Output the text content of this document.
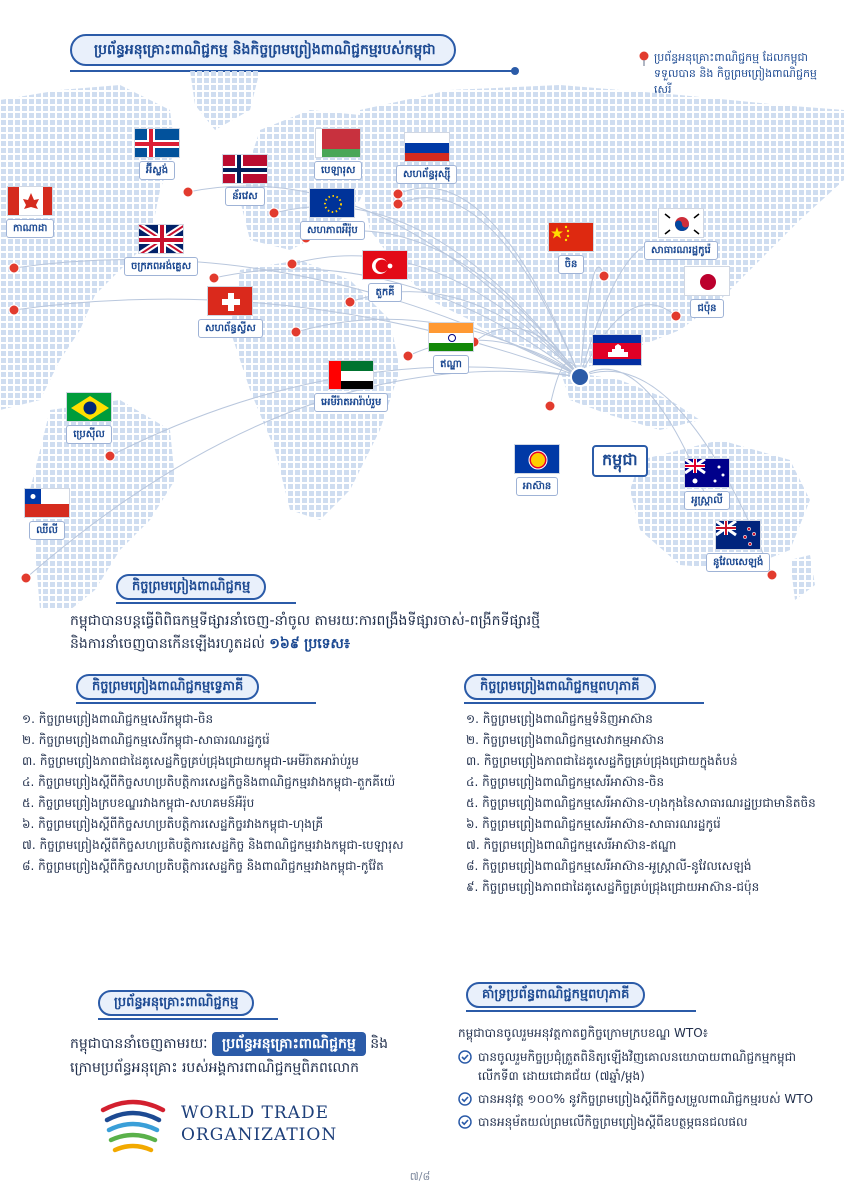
ប្រព័ន្ធអនុគ្រោះពាណិជ្ជកម្ម និងកិច្ចព្រមព្រៀងពាណិជ្ជកម្មរបស់កម្ពុជា	ប្រព័ន្ធអនុគ្រោះពាណិជ្ជកម្ម ដែលកម្ពុជាទទួលបាន និង កិច្ចព្រមព្រៀងពាណិជ្ជកម្មសេរី
អ៊ីស្លង់
ន័រវេស
បេឡារុស	សហព័ន្ធរុស្ស៊ី
កាណាដា	សហភាពអឺរ៉ុប
ចក្រភពអង់គ្លេស
តួកគី
សហព័ន្ធស្វីស
ចិន
សាធារណរដ្ឋកូរ៉េ
ជប៉ុន
ឥណ្ឌា
អេមីរ៉ាតអារ៉ាប់រួម
ប្រេស៊ីល
អាស៊ាន
អូស្ត្រាលី
ឈីលី
នូវែលសេឡង់
កម្ពុជា
កិច្ចព្រមព្រៀងពាណិជ្ជកម្ម
កម្ពុជាបានបន្តធ្វើពិពិធកម្មទីផ្សារនាំចេញ-នាំចូល តាមរយៈការពង្រឹងទីផ្សារចាស់-ពង្រីកទីផ្សារថ្មី
និងការនាំចេញបានកើនឡើងរហូតដល់ ១៦៩ ប្រទេស៖
កិច្ចព្រមព្រៀងពាណិជ្ជកម្មទ្វេភាគី
១. កិច្ចព្រមព្រៀងពាណិជ្ជកម្មសេរីកម្ពុជា-ចិន
២. កិច្ចព្រមព្រៀងពាណិជ្ជកម្មសេរីកម្ពុជា-សាធារណរដ្ឋកូរ៉េ
៣. កិច្ចព្រមព្រៀងភាពជាដៃគូសេដ្ឋកិច្ចគ្រប់ជ្រុងជ្រោយកម្ពុជា-អេមីរ៉ាតអារ៉ាប់រួម
៤. កិច្ចព្រមព្រៀងស្តីពីកិច្ចសហប្រតិបត្តិការសេដ្ឋកិច្ចនិងពាណិជ្ជកម្មរវាងកម្ពុជា-តួកគីយ៉េ
៥. កិច្ចព្រមព្រៀងក្របខណ្ឌរវាងកម្ពុជា-សហគមន៍អឺរ៉ុប
៦. កិច្ចព្រមព្រៀងស្តីពីកិច្ចសហប្រតិបត្តិការសេដ្ឋកិច្ចរវាងកម្ពុជា-ហុងគ្រី
៧. កិច្ចព្រមព្រៀងស្តីពីកិច្ចសហប្រតិបត្តិការសេដ្ឋកិច្ច និងពាណិជ្ជកម្មរវាងកម្ពុជា-បេឡារុស
៨. កិច្ចព្រមព្រៀងស្តីពីកិច្ចសហប្រតិបត្តិការសេដ្ឋកិច្ច និងពាណិជ្ជកម្មរវាងកម្ពុជា-កូវ៉ែត
កិច្ចព្រមព្រៀងពាណិជ្ជកម្មពហុភាគី
១. កិច្ចព្រមព្រៀងពាណិជ្ជកម្មទំនិញអាស៊ាន
២. កិច្ចព្រមព្រៀងពាណិជ្ជកម្មសេវាកម្មអាស៊ាន
៣. កិច្ចព្រមព្រៀងភាពជាដៃគូសេដ្ឋកិច្ចគ្រប់ជ្រុងជ្រោយក្នុងតំបន់
៤. កិច្ចព្រមព្រៀងពាណិជ្ជកម្មសេរីអាស៊ាន-ចិន
៥. កិច្ចព្រមព្រៀងពាណិជ្ជកម្មសេរីអាស៊ាន-ហុងកុងនៃសាធារណរដ្ឋប្រជាមានិតចិន
៦. កិច្ចព្រមព្រៀងពាណិជ្ជកម្មសេរីអាស៊ាន-សាធារណរដ្ឋកូរ៉េ
៧. កិច្ចព្រមព្រៀងពាណិជ្ជកម្មសេរីអាស៊ាន-ឥណ្ឌា
៨. កិច្ចព្រមព្រៀងពាណិជ្ជកម្មសេរីអាស៊ាន-អូស្ត្រាលី-នូវែលសេឡង់
៩. កិច្ចព្រមព្រៀងភាពជាដៃគូសេដ្ឋកិច្ចគ្រប់ជ្រុងជ្រោយអាស៊ាន-ជប៉ុន
ប្រព័ន្ធអនុគ្រោះពាណិជ្ជកម្ម
កម្ពុជាបាននាំចេញតាមរយៈ ប្រព័ន្ធអនុគ្រោះពាណិជ្ជកម្ម និង
ក្រោមប្រព័ន្ធអនុគ្រោះ របស់អង្គការពាណិជ្ជកម្មពិភពលោក
WORLD TRADE
ORGANIZATION
គាំទ្រប្រព័ន្ធពាណិជ្ជកម្មពហុភាគី
កម្ពុជាបានចូលរួមអនុវត្តកាតព្វកិច្ចក្រោមក្របខណ្ឌ WTO៖
បានចូលរួមកិច្ចប្រជុំត្រួតពិនិត្យឡើងវិញគោលនយោបាយពាណិជ្ជកម្មកម្ពុជា លើកទី៣ ដោយជោគជ័យ (៧ឆ្នាំ/ម្តង)
បានអនុវត្ត ១០០% នូវកិច្ចព្រមព្រៀងស្តីពីកិច្ចសម្រួលពាណិជ្ជកម្មរបស់ WTO
បានអនុម័តយល់ព្រមលើកិច្ចព្រមព្រៀងស្តីពីឧបត្ថម្ភធនជលផល
៧/៨
